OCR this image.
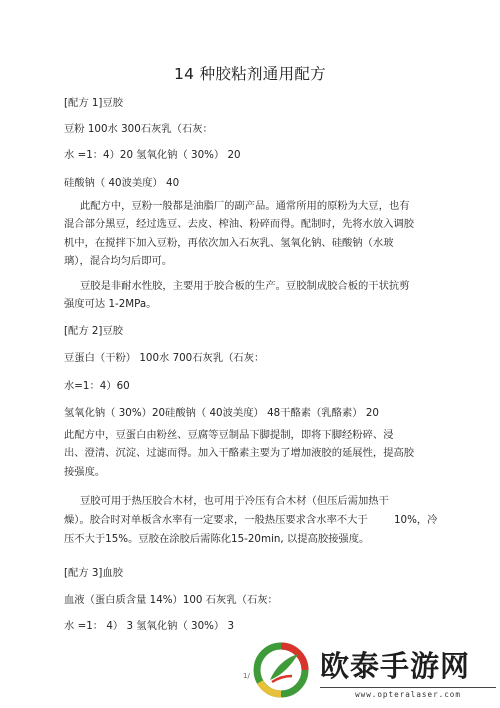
14 种胶粘剂通用配方
[配方 1]豆胶
豆粉 100水 300石灰乳（石灰：
水 =1：4）20 氢氧化钠（ 30%） 20
硅酸钠（ 40波美度） 40
此配方中，豆粉一般都是油脂厂的副产品。通常所用的原粉为大豆，也有
混合部分黑豆，经过选豆、去皮、榨油、粉碎而得。配制时，先将水放入调胶
机中，在搅拌下加入豆粉，再依次加入石灰乳、氢氧化钠、硅酸钠（水玻
璃），混合均匀后即可。
豆胶是非耐水性胶，主要用于胶合板的生产。豆胶制成胶合板的干状抗剪
强度可达 1-2MPa。
[配方 2]豆胶
豆蛋白（干粉） 100水 700石灰乳（石灰：
水=1：4）60
氢氧化钠（ 30%）20硅酸钠（ 40波美度） 48干酪素（乳酪素） 20
此配方中，豆蛋白由粉丝、豆腐等豆制品下脚提制，即将下脚经粉碎、浸
出、澄清、沉淀、过滤而得。加入干酪素主要为了增加液胶的延展性，提高胶
接强度。
豆胶可用于热压胶合木材，也可用于冷压有合木材（但压后需加热干
燥）。胶合时对单板含水率有一定要求，一般热压要求含水率不大于	10%，冷
压不大于15%。豆胶在涂胶后需陈化15-20min, 以提高胶接强度。
[配方 3]血胶
血液（蛋白质含量 14%）100 石灰乳（石灰：
水 =1： 4） 3 氢氧化钠（ 30%） 3
1/ 欧泰手游网
www.opteralaser.com
